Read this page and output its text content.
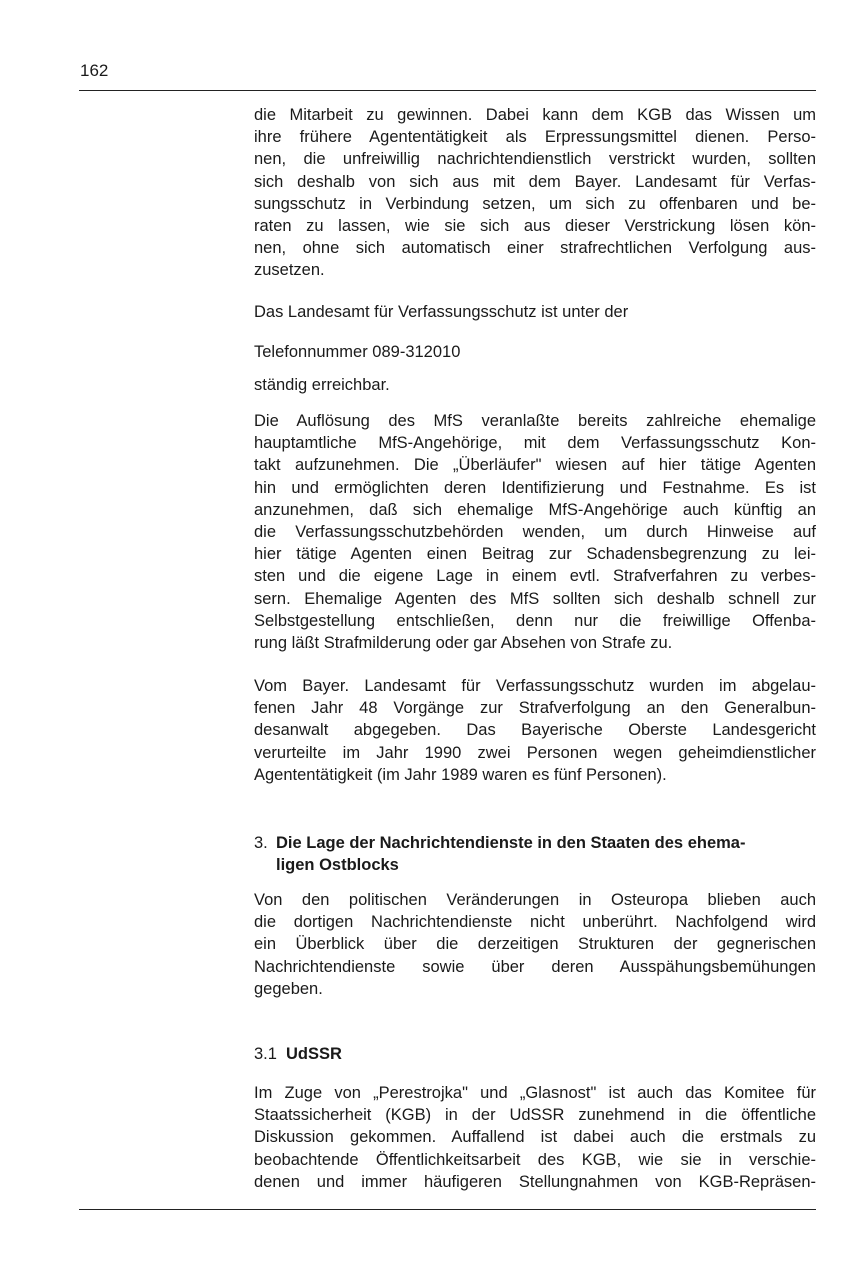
162
die Mitarbeit zu gewinnen. Dabei kann dem KGB das Wissen um
ihre frühere Agententätigkeit als Erpressungsmittel dienen. Perso-
nen, die unfreiwillig nachrichtendienstlich verstrickt wurden, sollten
sich deshalb von sich aus mit dem Bayer. Landesamt für Verfas-
sungsschutz in Verbindung setzen, um sich zu offenbaren und be-
raten zu lassen, wie sie sich aus dieser Verstrickung lösen kön-
nen, ohne sich automatisch einer strafrechtlichen Verfolgung aus-
zusetzen.
Das Landesamt für Verfassungsschutz ist unter der
Telefonnummer 089-312010
ständig erreichbar.
Die Auflösung des MfS veranlaßte bereits zahlreiche ehemalige
hauptamtliche MfS-Angehörige, mit dem Verfassungsschutz Kon-
takt aufzunehmen. Die „Überläufer" wiesen auf hier tätige Agenten
hin und ermöglichten deren Identifizierung und Festnahme. Es ist
anzunehmen, daß sich ehemalige MfS-Angehörige auch künftig an
die Verfassungsschutzbehörden wenden, um durch Hinweise auf
hier tätige Agenten einen Beitrag zur Schadensbegrenzung zu lei-
sten und die eigene Lage in einem evtl. Strafverfahren zu verbes-
sern. Ehemalige Agenten des MfS sollten sich deshalb schnell zur
Selbstgestellung entschließen, denn nur die freiwillige Offenba-
rung läßt Strafmilderung oder gar Absehen von Strafe zu.
Vom Bayer. Landesamt für Verfassungsschutz wurden im abgelau-
fenen Jahr 48 Vorgänge zur Strafverfolgung an den Generalbun-
desanwalt abgegeben. Das Bayerische Oberste Landesgericht
verurteilte im Jahr 1990 zwei Personen wegen geheimdienstlicher
Agententätigkeit (im Jahr 1989 waren es fünf Personen).
3. Die Lage der Nachrichtendienste in den Staaten des ehema-
ligen Ostblocks
Von den politischen Veränderungen in Osteuropa blieben auch
die dortigen Nachrichtendienste nicht unberührt. Nachfolgend wird
ein Überblick über die derzeitigen Strukturen der gegnerischen
Nachrichtendienste sowie über deren Ausspähungsbemühungen
gegeben.
3.1 UdSSR
Im Zuge von „Perestrojka" und „Glasnost" ist auch das Komitee für
Staatssicherheit (KGB) in der UdSSR zunehmend in die öffentliche
Diskussion gekommen. Auffallend ist dabei auch die erstmals zu
beobachtende Öffentlichkeitsarbeit des KGB, wie sie in verschie-
denen und immer häufigeren Stellungnahmen von KGB-Repräsen-
